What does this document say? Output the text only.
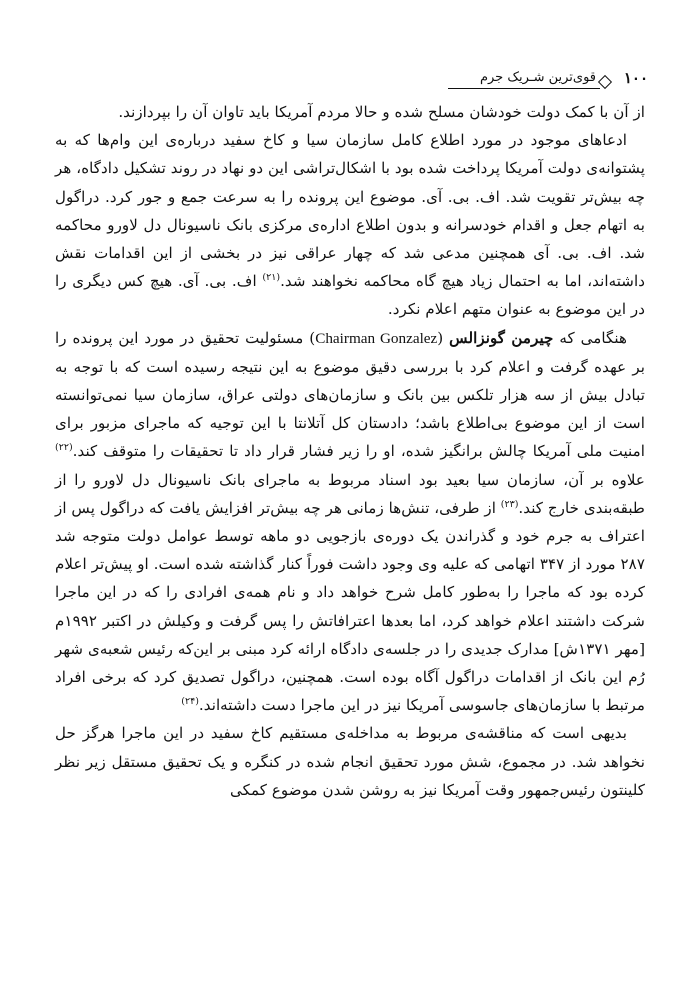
۱۰۰
قوی‌ترین شـریک جرم

از آن با کمک دولت خودشان مسلح شده و حالا مردم آمریکا باید تاوان آن را بپردازند.

ادعاهای موجود در مورد اطلاع کامل سازمان سیا و کاخ سفید درباره‌ی این وام‌ها که به پشتوانه‌ی دولت آمریکا پرداخت شده بود با اشکال‌تراشی این دو نهاد در روند تشکیل دادگاه، هر چه بیش‌تر تقویت شد. اف. بی. آی. موضوع این پرونده را به سرعت جمع و جور کرد. دراگول به اتهام جعل و اقدام خودسرانه و بدون اطلاع اداره‌ی مرکزی بانک ناسیونال دل لاورو محاکمه شد. اف. بی. آی همچنین مدعی شد که چهار عراقی نیز در بخشی از این اقدامات نقش داشته‌اند، اما به احتمال زیاد هیچ گاه محاکمه نخواهند شد.$^{(۲۱)}$ اف. بی. آی. هیچ کس دیگری را در این موضوع به عنوان متهم اعلام نکرد.

هنگامی که چیرمن گونزالس (Chairman Gonzalez) مسئولیت تحقیق در مورد این پرونده را بر عهده گرفت و اعلام کرد با بررسی دقیق موضوع به این نتیجه رسیده است که با توجه به تبادل بیش از سه هزار تلکس بین بانک و سازمان‌های دولتی عراق، سازمان سیا نمی‌توانسته است از این موضوع بی‌اطلاع باشد؛ دادستان کل آتلانتا با این توجیه که ماجرای مزبور برای امنیت ملی آمریکا چالش برانگیز شده، او را زیر فشار قرار داد تا تحقیقات را متوقف کند.$^{(۲۲)}$ علاوه بر آن، سازمان سیا بعید بود اسناد مربوط به ماجرای بانک ناسیونال دل لاورو را از طبقه‌بندی خارج کند.$^{(۲۳)}$ از طرفی، تنش‌ها زمانی هر چه بیش‌تر افزایش یافت که دراگول پس از اعتراف به جرم خود و گذراندن یک دوره‌ی بازجویی دو ماهه توسط عوامل دولت متوجه شد ۲۸۷ مورد از ۳۴۷ اتهامی که علیه وی وجود داشت فوراً کنار گذاشته شده است. او پیش‌تر اعلام کرده بود که ماجرا را به‌طور کامل شرح خواهد داد و نام همه‌ی افرادی را که در این ماجرا شرکت داشتند اعلام خواهد کرد، اما بعدها اعترافاتش را پس گرفت و وکیلش در اکتبر ۱۹۹۲م [مهر ۱۳۷۱ش] مدارک جدیدی را در جلسه‌ی دادگاه ارائه کرد مبنی بر این‌که رئیس شعبه‌ی شهر رُم این بانک از اقدامات دراگول آگاه بوده است. همچنین، دراگول تصدیق کرد که برخی افراد مرتبط با سازمان‌های جاسوسی آمریکا نیز در این ماجرا دست داشته‌اند.$^{(۲۴)}$

بدیهی است که مناقشه‌ی مربوط به مداخله‌ی مستقیم کاخ سفید در این ماجرا هرگز حل نخواهد شد. در مجموع، شش مورد تحقیق انجام شده در کنگره و یک تحقیق مستقل زیر نظر کلینتون رئیس‌جمهور وقت آمریکا نیز به روشن شدن موضوع کمکی
